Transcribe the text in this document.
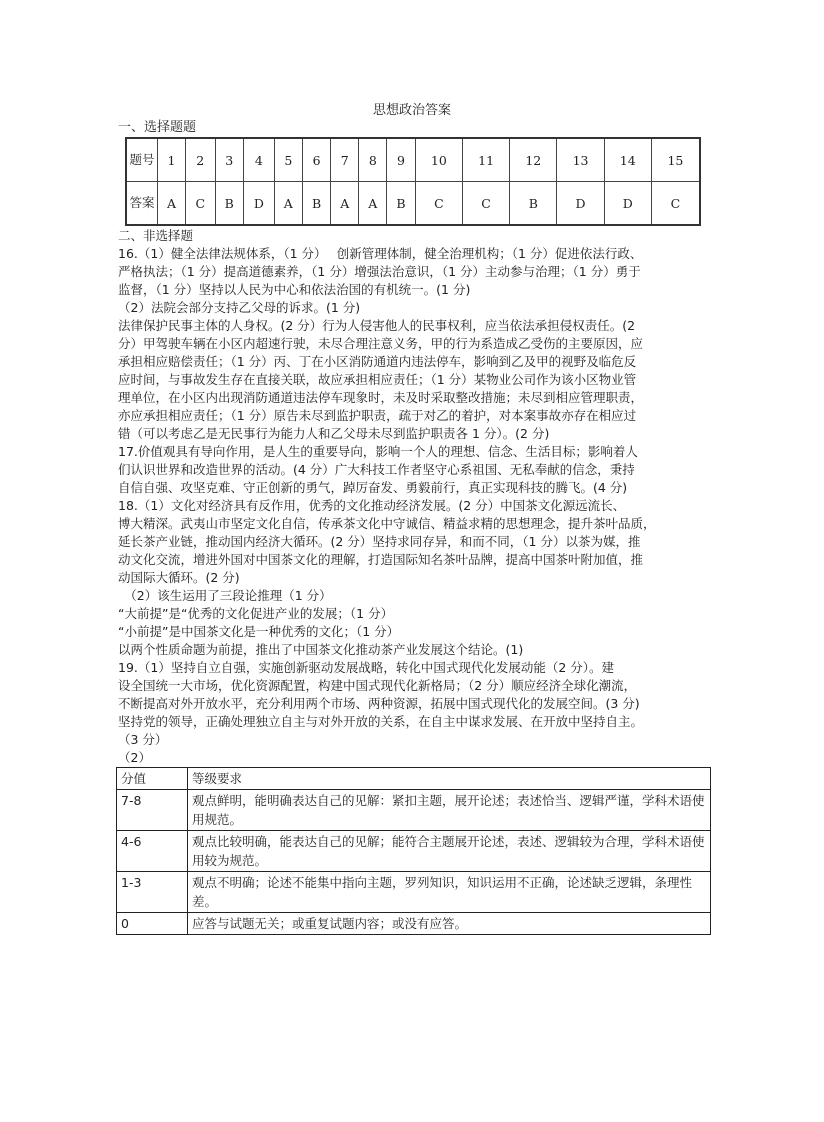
思想政治答案
一、选择题题
题号	1	2	3	4	5	6	7	8	9	10	11	12	13	14	15
答案	A	C	B	D	A	B	A	A	B	C	C	B	D	D	C
二、非选择题
16.（1）健全法律法规体系，（1 分）　 创新管理体制，健全治理机构；（1 分）促进依法行政、
严格执法；（1 分）提高道德素养，（1 分）增强法治意识，（1 分）主动参与治理；（1 分）勇于
监督，（1 分）坚持以人民为中心和依法治国的有机统一。(1 分)
（2）法院会部分支持乙父母的诉求。(1 分)
法律保护民事主体的人身权。(2 分）行为人侵害他人的民事权利，应当依法承担侵权责任。(2
分）甲驾驶车辆在小区内超速行驶，未尽合理注意义务，甲的行为系造成乙受伤的主要原因，应
承担相应赔偿责任；（1 分）丙、丁在小区消防通道内违法停车，影响到乙及甲的视野及临危反
应时间，与事故发生存在直接关联，故应承担相应责任；（1 分）某物业公司作为该小区物业管
理单位，在小区内出现消防通道违法停车现象时，未及时采取整改措施；未尽到相应管理职责，
亦应承担相应责任；（1 分）原告未尽到监护职责，疏于对乙的着护，对本案事故亦存在相应过
错（可以考虑乙是无民事行为能力人和乙父母未尽到监护职责各 1 分）。(2 分)
17.价值观具有导向作用，是人生的重要导向，影响一个人的理想、信念、生活目标；影响着人
们认识世界和改造世界的活动。(4 分）广大科技工作者坚守心系祖国、无私奉献的信念，秉持
自信自强、攻坚克难、守正创新的勇气，踔厉奋发、勇毅前行，真正实现科技的腾飞。(4 分)
18.（1）文化对经济具有反作用，优秀的文化推动经济发展。(2 分）中国茶文化源远流长、
博大精深。武夷山市坚定文化自信，传承茶文化中守诚信、精益求精的思想理念，提升茶叶品质，
延长茶产业链，推动国内经济大循环。(2 分）坚持求同存异，和而不同，（1 分）以茶为媒，推
动文化交流，增进外国对中国茶文化的理解，打造国际知名茶叶品牌，提高中国茶叶附加值，推
动国际大循环。(2 分)
　（2）该生运用了三段论推理（1 分）
“大前提”是“优秀的文化促进产业的发展；（1 分）
“小前提”是中国茶文化是一种优秀的文化；（1 分）
以两个性质命题为前提，推出了中国茶文化推动茶产业发展这个结论。(1)
19.（1）坚持自立自强，实施创新驱动发展战略，转化中国式现代化发展动能（2 分）。建
设全国统一大市场，优化资源配置，构建中国式现代化新格局；（2 分）顺应经济全球化潮流，
不断提高对外开放水平，充分利用两个市场、两种资源，拓展中国式现代化的发展空间。(3 分)
坚持党的领导，正确处理独立自主与对外开放的关系，在自主中谋求发展、在开放中坚持自主。
（3 分）
（2）
分值	等级要求
7-8	观点鲜明，能明确表达自己的见解：紧扣主题，展开论述；表述恰当、逻辑严谨，学科术语使用规范。
4-6	观点比较明确，能表达自己的见解；能符合主题展开论述，表述、逻辑较为合理，学科术语使用较为规范。
1-3	观点不明确；论述不能集中指向主题，罗列知识，知识运用不正确，论述缺乏逻辑，条理性差。
0	应答与试题无关；或重复试题内容；或没有应答。
